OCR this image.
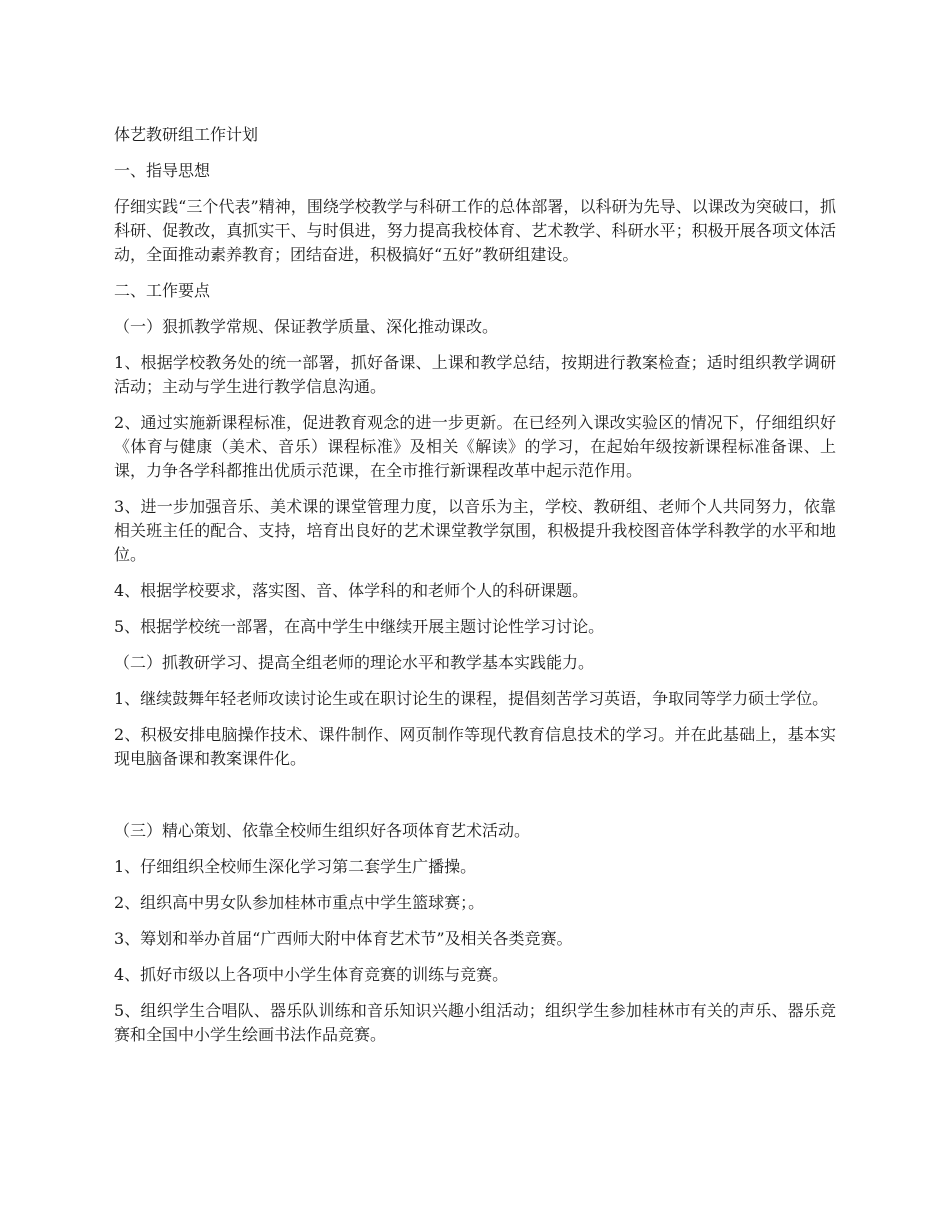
体艺教研组工作计划

一、指导思想

仔细实践“三个代表”精神，围绕学校教学与科研工作的总体部署，以科研为先导、以课改为突破口，抓科研、促教改，真抓实干、与时俱进，努力提高我校体育、艺术教学、科研水平；积极开展各项文体活动，全面推动素养教育；团结奋进，积极搞好“五好”教研组建设。

二、工作要点

（一）狠抓教学常规、保证教学质量、深化推动课改。

1、根据学校教务处的统一部署，抓好备课、上课和教学总结，按期进行教案检查；适时组织教学调研活动；主动与学生进行教学信息沟通。

2、通过实施新课程标准，促进教育观念的进一步更新。在已经列入课改实验区的情况下，仔细组织好《体育与健康（美术、音乐）课程标准》及相关《解读》的学习，在起始年级按新课程标准备课、上课，力争各学科都推出优质示范课，在全市推行新课程改革中起示范作用。

3、进一步加强音乐、美术课的课堂管理力度，以音乐为主，学校、教研组、老师个人共同努力，依靠相关班主任的配合、支持，培育出良好的艺术课堂教学氛围，积极提升我校图音体学科教学的水平和地位。

4、根据学校要求，落实图、音、体学科的和老师个人的科研课题。

5、根据学校统一部署，在高中学生中继续开展主题讨论性学习讨论。

（二）抓教研学习、提高全组老师的理论水平和教学基本实践能力。

1、继续鼓舞年轻老师攻读讨论生或在职讨论生的课程，提倡刻苦学习英语，争取同等学力硕士学位。

2、积极安排电脑操作技术、课件制作、网页制作等现代教育信息技术的学习。并在此基础上，基本实现电脑备课和教案课件化。

（三）精心策划、依靠全校师生组织好各项体育艺术活动。

1、仔细组织全校师生深化学习第二套学生广播操。

2、组织高中男女队参加桂林市重点中学生篮球赛；。

3、筹划和举办首届“广西师大附中体育艺术节”及相关各类竞赛。

4、抓好市级以上各项中小学生体育竞赛的训练与竞赛。

5、组织学生合唱队、器乐队训练和音乐知识兴趣小组活动；组织学生参加桂林市有关的声乐、器乐竞赛和全国中小学生绘画书法作品竞赛。
